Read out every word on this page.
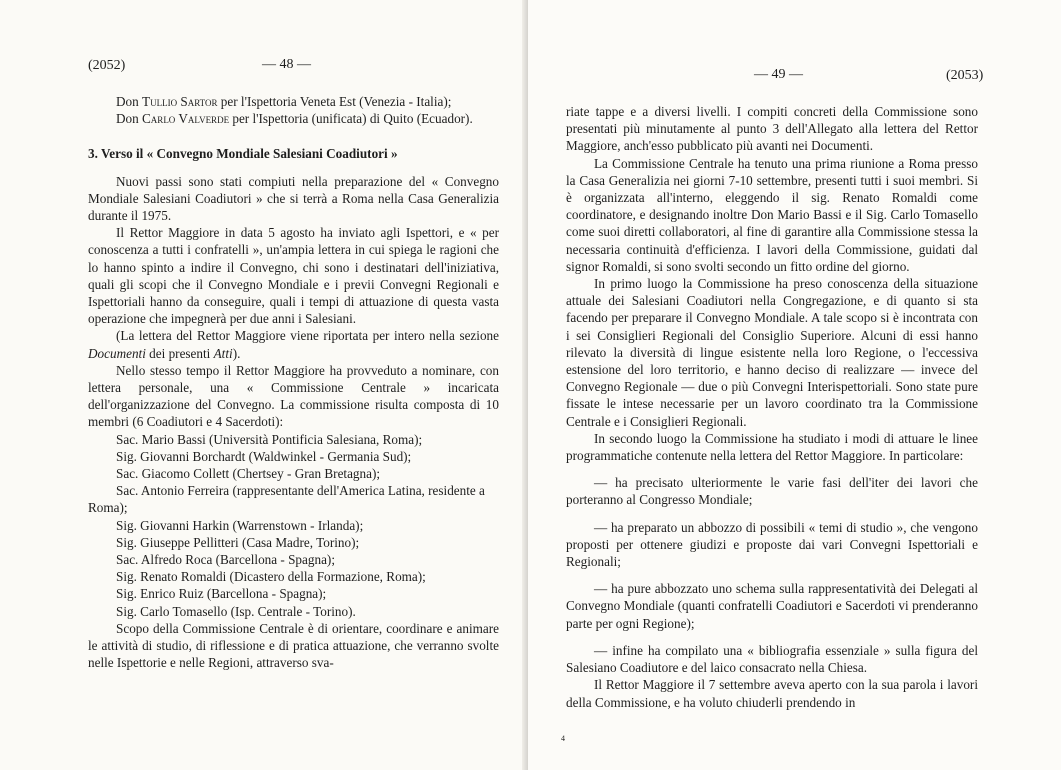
(2052)	— 48 —

Don Tullio Sartor per l'Ispettoria Veneta Est (Venezia - Italia);

Don Carlo Valverde per l'Ispettoria (unificata) di Quito (Ecuador).

3. Verso il « Convegno Mondiale Salesiani Coadiutori »

Nuovi passi sono stati compiuti nella preparazione del « Convegno Mondiale Salesiani Coadiutori » che si terrà a Roma nella Casa Generalizia durante il 1975.

Il Rettor Maggiore in data 5 agosto ha inviato agli Ispettori, e « per conoscenza a tutti i confratelli », un'ampia lettera in cui spiega le ragioni che lo hanno spinto a indire il Convegno, chi sono i destinatari dell'iniziativa, quali gli scopi che il Convegno Mondiale e i previi Convegni Regionali e Ispettoriali hanno da conseguire, quali i tempi di attuazione di questa vasta operazione che impegnerà per due anni i Salesiani.

(La lettera del Rettor Maggiore viene riportata per intero nella sezione Documenti dei presenti Atti).

Nello stesso tempo il Rettor Maggiore ha provveduto a nominare, con lettera personale, una « Commissione Centrale » incaricata dell'organizzazione del Convegno. La commissione risulta composta di 10 membri (6 Coadiutori e 4 Sacerdoti):

Sac. Mario Bassi (Università Pontificia Salesiana, Roma);

Sig. Giovanni Borchardt (Waldwinkel - Germania Sud);

Sac. Giacomo Collett (Chertsey - Gran Bretagna);

Sac. Antonio Ferreira (rappresentante dell'America Latina, residente a Roma);

Sig. Giovanni Harkin (Warrenstown - Irlanda);

Sig. Giuseppe Pellitteri (Casa Madre, Torino);

Sac. Alfredo Roca (Barcellona - Spagna);

Sig. Renato Romaldi (Dicastero della Formazione, Roma);

Sig. Enrico Ruiz (Barcellona - Spagna);

Sig. Carlo Tomasello (Isp. Centrale - Torino).

Scopo della Commissione Centrale è di orientare, coordinare e animare le attività di studio, di riflessione e di pratica attuazione, che verranno svolte nelle Ispettorie e nelle Regioni, attraverso sva-

— 49 —	(2053)

riate tappe e a diversi livelli. I compiti concreti della Commissione sono presentati più minutamente al punto 3 dell'Allegato alla lettera del Rettor Maggiore, anch'esso pubblicato più avanti nei Documenti.

La Commissione Centrale ha tenuto una prima riunione a Roma presso la Casa Generalizia nei giorni 7-10 settembre, presenti tutti i suoi membri. Si è organizzata all'interno, eleggendo il sig. Renato Romaldi come coordinatore, e designando inoltre Don Mario Bassi e il Sig. Carlo Tomasello come suoi diretti collaboratori, al fine di garantire alla Commissione stessa la necessaria continuità d'efficienza. I lavori della Commissione, guidati dal signor Romaldi, si sono svolti secondo un fitto ordine del giorno.

In primo luogo la Commissione ha preso conoscenza della situazione attuale dei Salesiani Coadiutori nella Congregazione, e di quanto si sta facendo per preparare il Convegno Mondiale. A tale scopo si è incontrata con i sei Consiglieri Regionali del Consiglio Superiore. Alcuni di essi hanno rilevato la diversità di lingue esistente nella loro Regione, o l'eccessiva estensione del loro territorio, e hanno deciso di realizzare — invece del Convegno Regionale — due o più Convegni Interispettoriali. Sono state pure fissate le intese necessarie per un lavoro coordinato tra la Commissione Centrale e i Consiglieri Regionali.

In secondo luogo la Commissione ha studiato i modi di attuare le linee programmatiche contenute nella lettera del Rettor Maggiore. In particolare:

— ha precisato ulteriormente le varie fasi dell'iter dei lavori che porteranno al Congresso Mondiale;

— ha preparato un abbozzo di possibili « temi di studio », che vengono proposti per ottenere giudizi e proposte dai vari Convegni Ispettoriali e Regionali;

— ha pure abbozzato uno schema sulla rappresentatività dei Delegati al Convegno Mondiale (quanti confratelli Coadiutori e Sacerdoti vi prenderanno parte per ogni Regione);

— infine ha compilato una « bibliografia essenziale » sulla figura del Salesiano Coadiutore e del laico consacrato nella Chiesa.

Il Rettor Maggiore il 7 settembre aveva aperto con la sua parola i lavori della Commissione, e ha voluto chiuderli prendendo in

4
